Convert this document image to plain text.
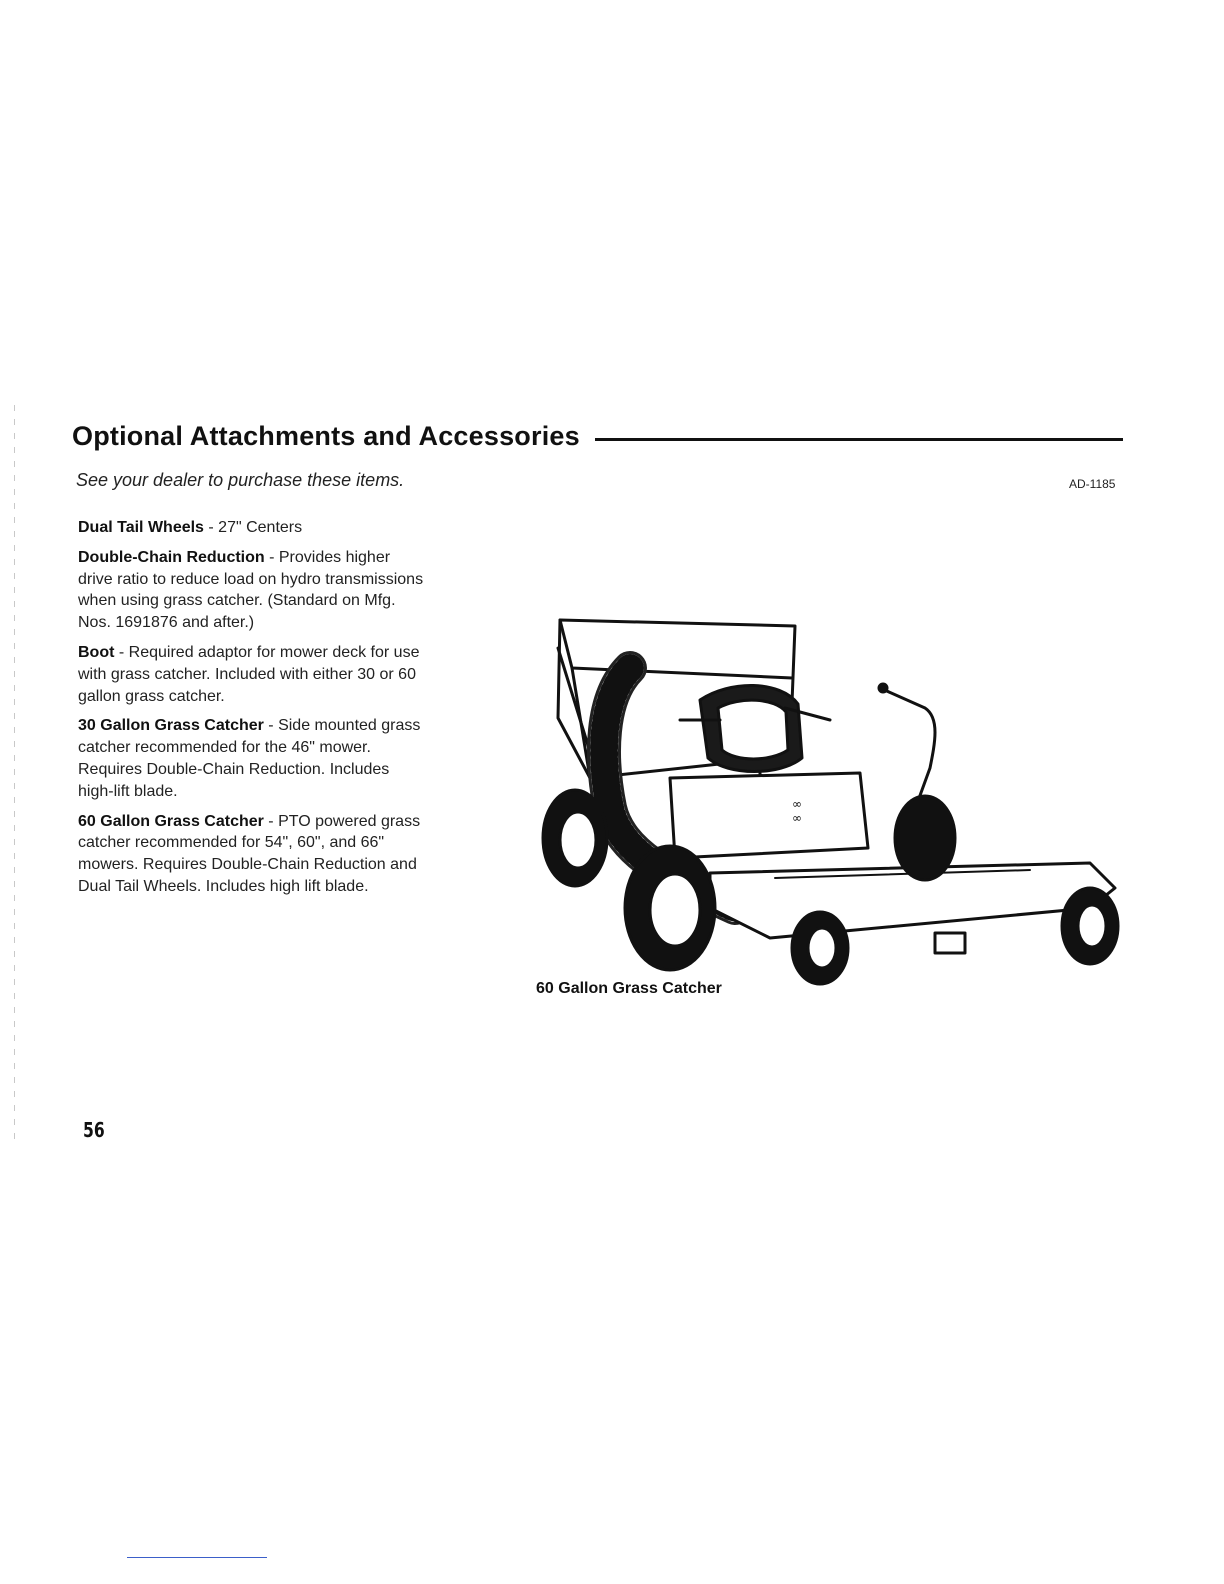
Optional Attachments and Accessories
See your dealer to purchase these items.	AD-1185

Dual Tail Wheels - 27" Centers

Double-Chain Reduction - Provides higher drive ratio to reduce load on hydro transmissions when using grass catcher. (Standard on Mfg. Nos. 1691876 and after.)

Boot - Required adaptor for mower deck for use with grass catcher. Included with either 30 or 60 gallon grass catcher.

30 Gallon Grass Catcher - Side mounted grass catcher recommended for the 46" mower. Requires Double-Chain Reduction. Includes high-lift blade.

60 Gallon Grass Catcher - PTO powered grass catcher recommended for 54", 60", and 66" mowers. Requires Double-Chain Reduction and Dual Tail Wheels. Includes high lift blade.

∞
∞
60 Gallon Grass Catcher
56
